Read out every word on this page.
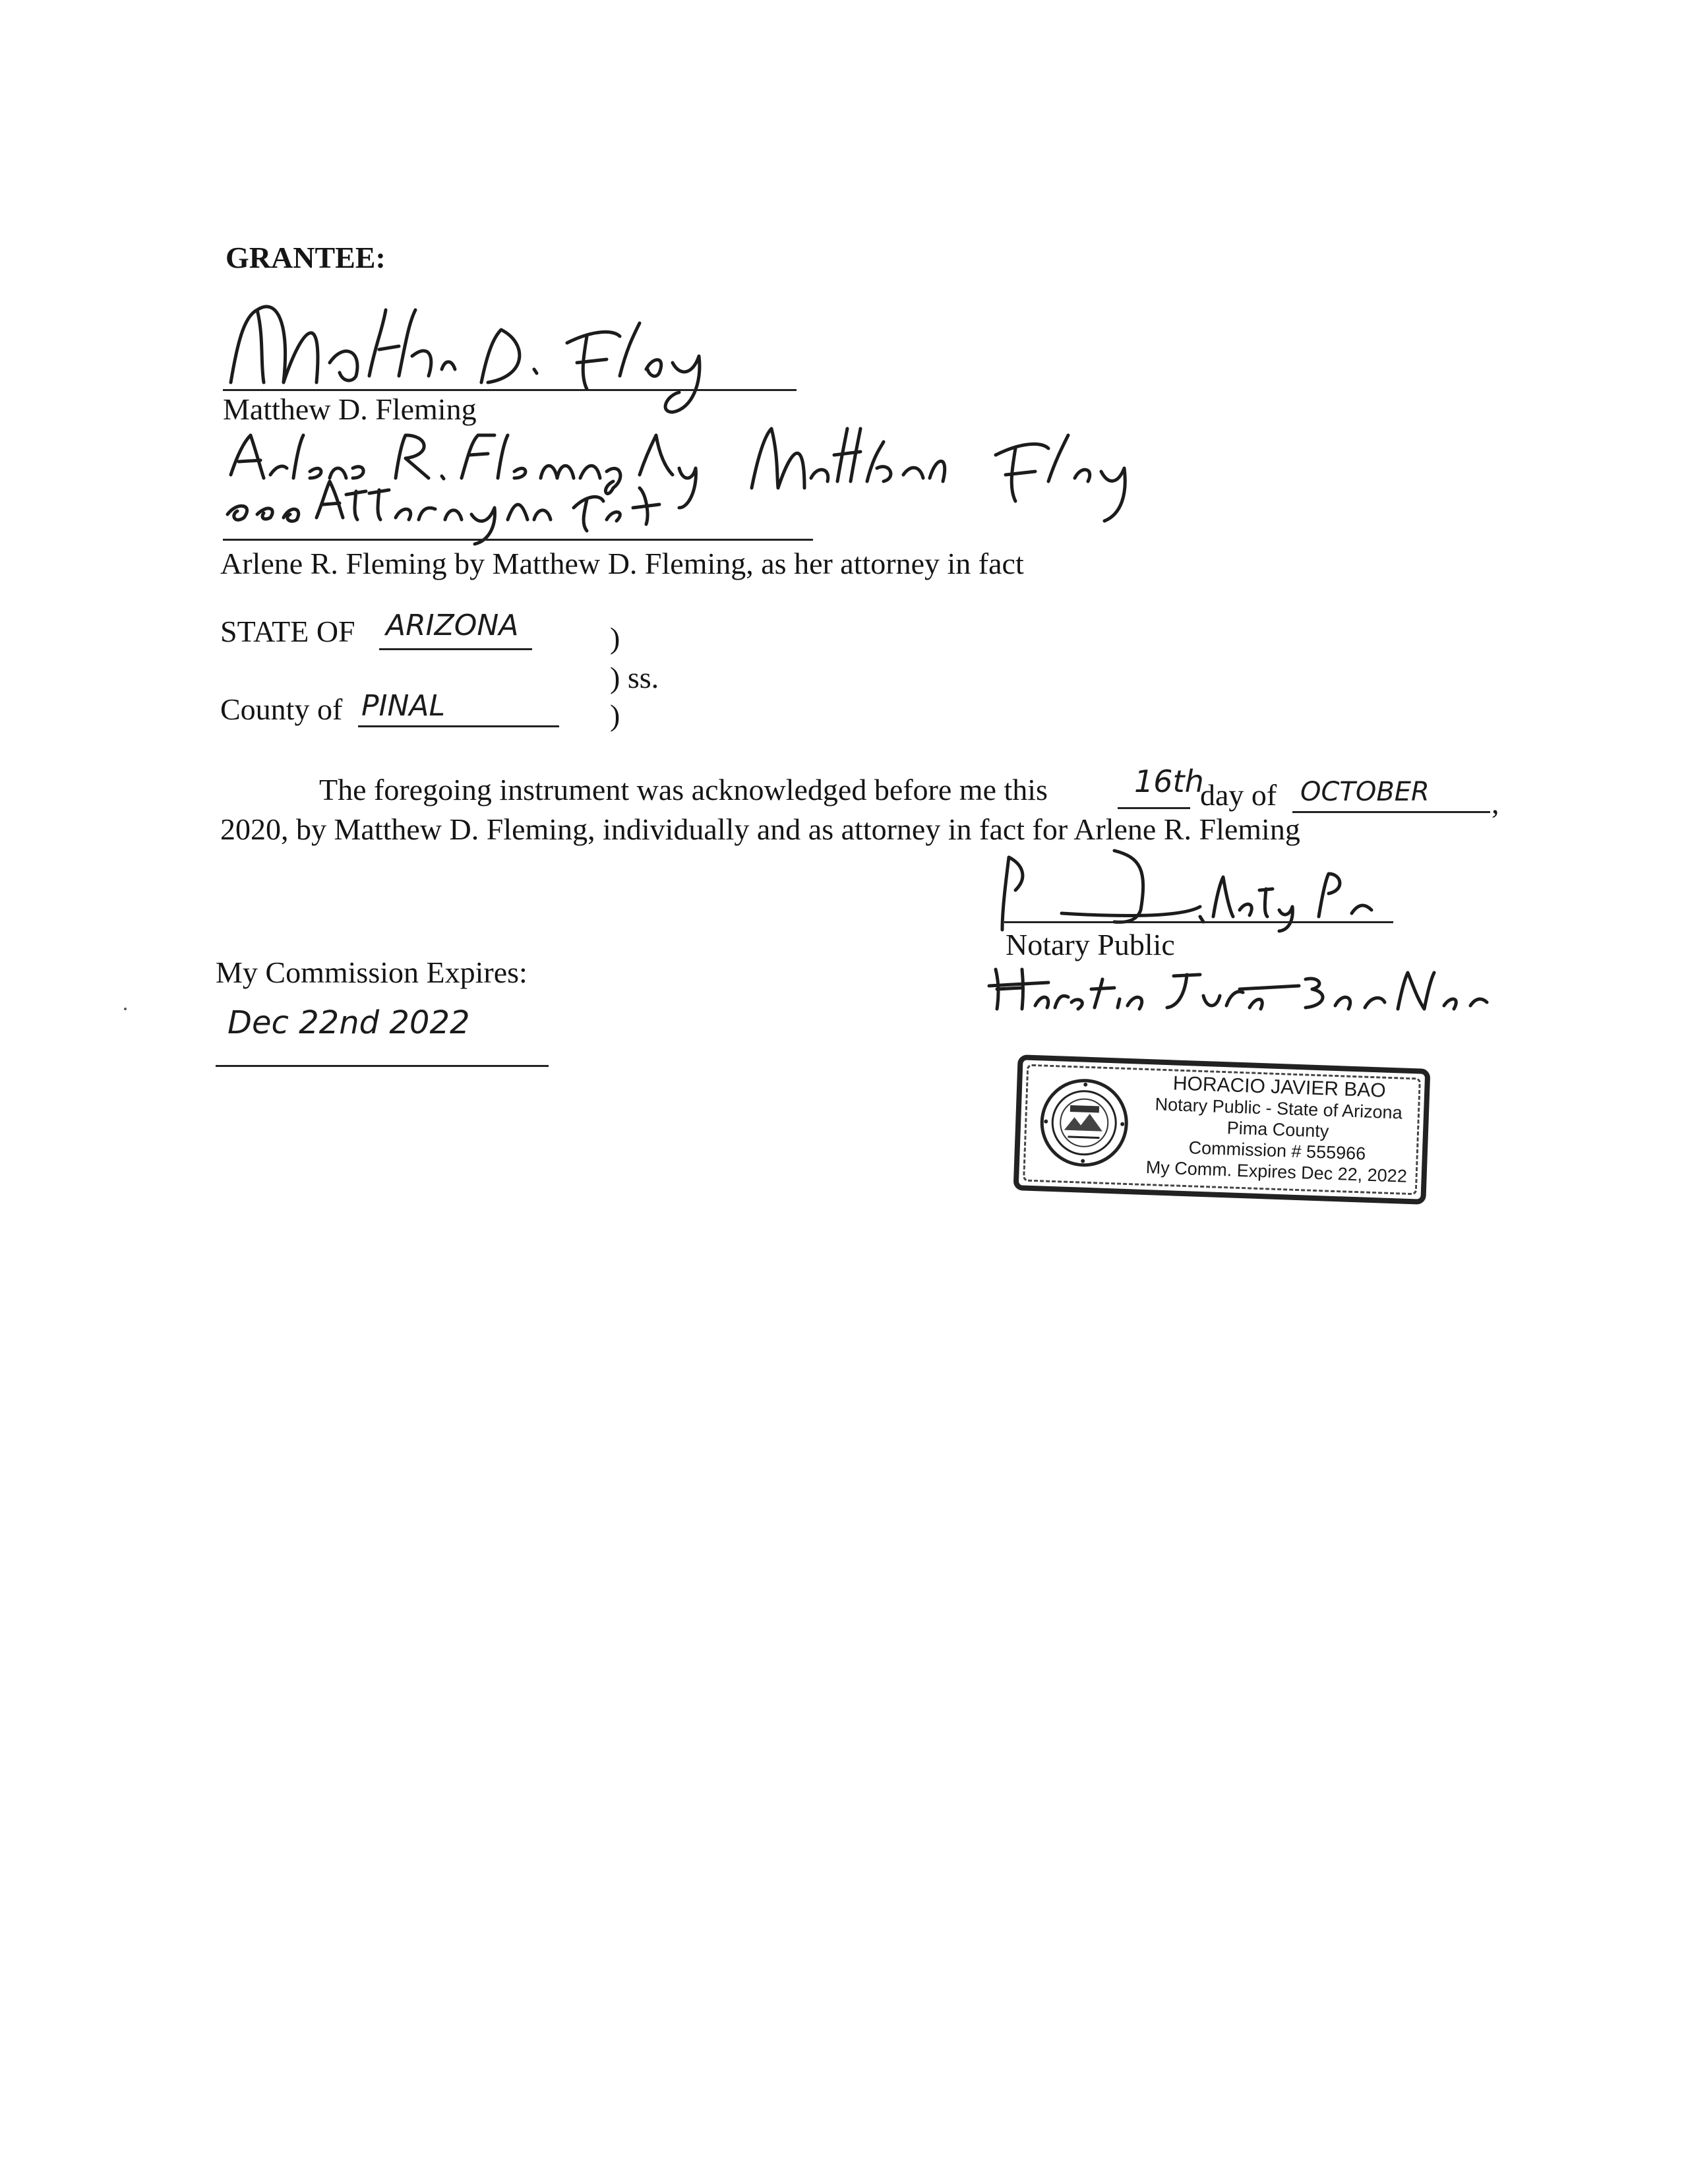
GRANTEE:
Matthew D. Fleming
Arlene R. Fleming by Matthew D. Fleming, as her attorney in fact
STATE OF ARIZONA	)
) ss.
County of PINAL	)
The foregoing instrument was acknowledged before me this	16th
day of OCTOBER ,
2020, by Matthew D. Fleming, individually and as attorney in fact for Arlene R. Fleming
Notary Public
My Commission Expires:
Dec 22nd 2022
HORACIO JAVIER BAO
Notary Public - State of Arizona
Pima County
Commission # 555966
My Comm. Expires Dec 22, 2022
